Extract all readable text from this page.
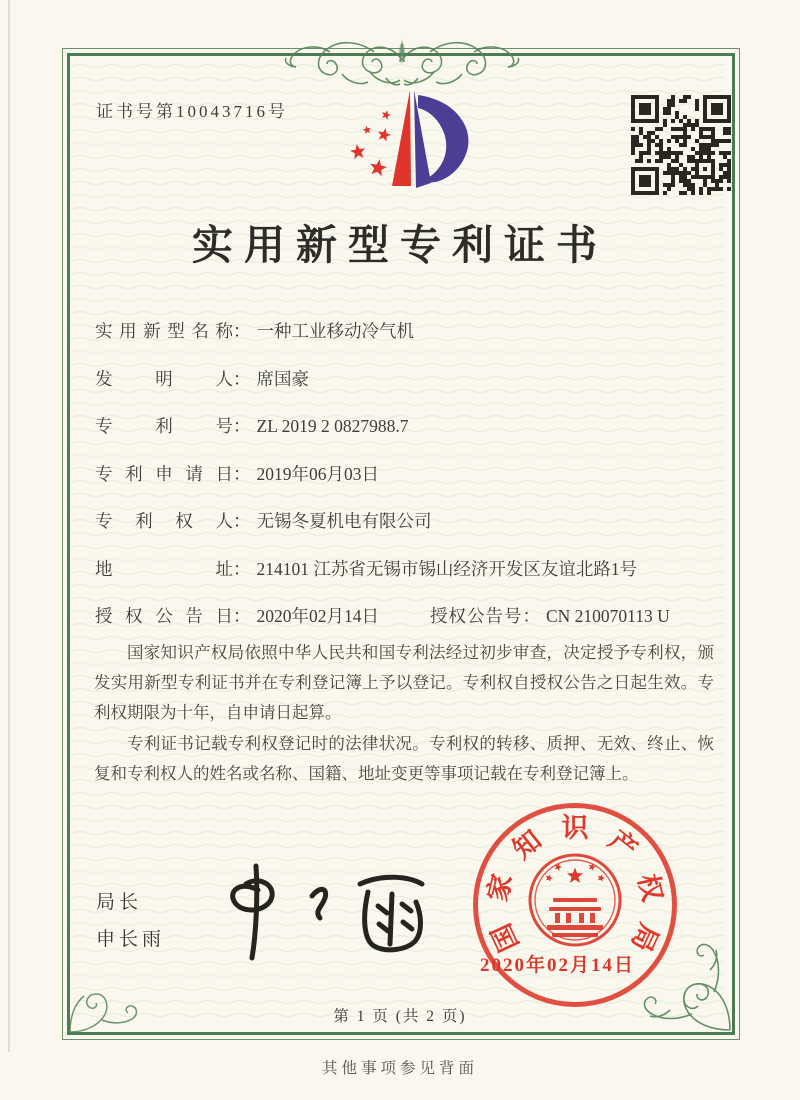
证书号第10043716号
实用新型专利证书
实用新型名称： 一种工业移动冷气机
发明人： 席国豪
专利号： ZL 2019 2 0827988.7
专利申请日： 2019年06月03日
专利权人： 无锡冬夏机电有限公司
地址： 214101 江苏省无锡市锡山经济开发区友谊北路1号
授权公告日： 2020年02月14日	授权公告号： CN 210070113 U

国家知识产权局依照中华人民共和国专利法经过初步审查，决定授予专利权，颁发实用新型专利证书并在专利登记簿上予以登记。专利权自授权公告之日起生效。专利权期限为十年，自申请日起算。

专利证书记载专利权登记时的法律状况。专利权的转移、质押、无效、终止、恢复和专利权人的姓名或名称、国籍、地址变更等事项记载在专利登记簿上。

局长
申长雨	国
家
知 识 产
权
局
2020年02月14日
第 1 页 (共 2 页)
其他事项参见背面
